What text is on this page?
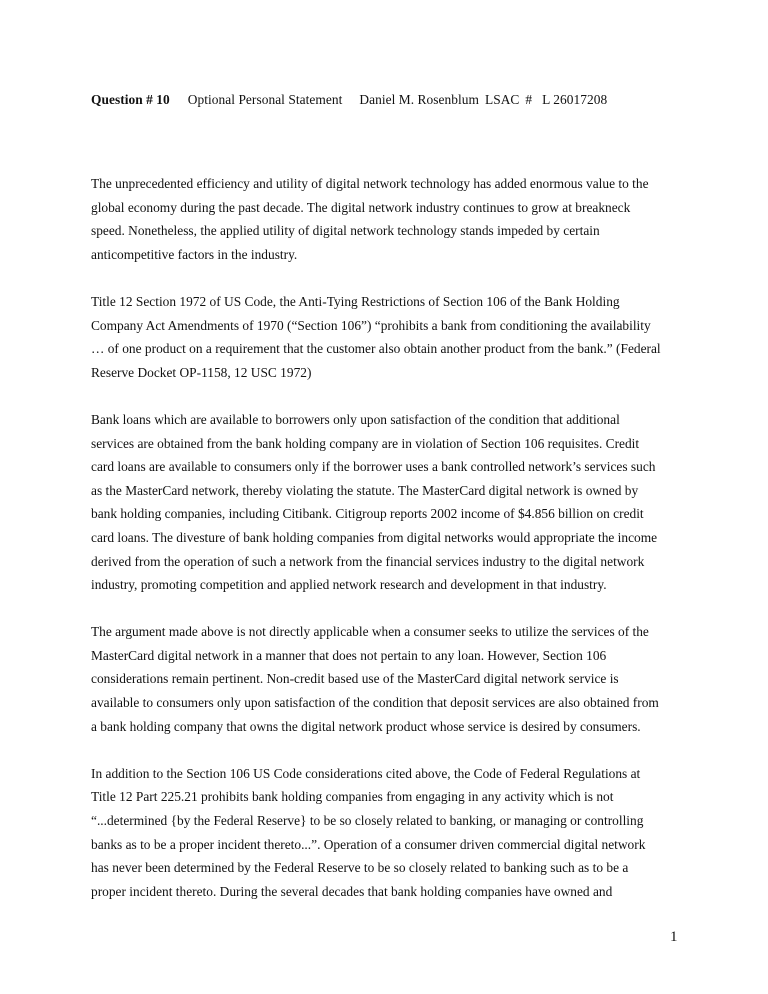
Question # 10 Optional Personal Statement Daniel M. Rosenblum LSAC # L 26017208

The unprecedented efficiency and utility of digital network technology has added enormous value to the
global economy during the past decade. The digital network industry continues to grow at breakneck
speed. Nonetheless, the applied utility of digital network technology stands impeded by certain
anticompetitive factors in the industry.

Title 12 Section 1972 of US Code, the Anti-Tying Restrictions of Section 106 of the Bank Holding
Company Act Amendments of 1970 (“Section 106”) “prohibits a bank from conditioning the availability
… of one product on a requirement that the customer also obtain another product from the bank.” (Federal
Reserve Docket OP-1158, 12 USC 1972)

Bank loans which are available to borrowers only upon satisfaction of the condition that additional
services are obtained from the bank holding company are in violation of Section 106 requisites. Credit
card loans are available to consumers only if the borrower uses a bank controlled network’s services such
as the MasterCard network, thereby violating the statute. The MasterCard digital network is owned by
bank holding companies, including Citibank. Citigroup reports 2002 income of $4.856 billion on credit
card loans. The divesture of bank holding companies from digital networks would appropriate the income
derived from the operation of such a network from the financial services industry to the digital network
industry, promoting competition and applied network research and development in that industry.

The argument made above is not directly applicable when a consumer seeks to utilize the services of the
MasterCard digital network in a manner that does not pertain to any loan. However, Section 106
considerations remain pertinent. Non-credit based use of the MasterCard digital network service is
available to consumers only upon satisfaction of the condition that deposit services are also obtained from
a bank holding company that owns the digital network product whose service is desired by consumers.

In addition to the Section 106 US Code considerations cited above, the Code of Federal Regulations at
Title 12 Part 225.21 prohibits bank holding companies from engaging in any activity which is not
“...determined {by the Federal Reserve} to be so closely related to banking, or managing or controlling
banks as to be a proper incident thereto...”. Operation of a consumer driven commercial digital network
has never been determined by the Federal Reserve to be so closely related to banking such as to be a
proper incident thereto. During the several decades that bank holding companies have owned and

1
